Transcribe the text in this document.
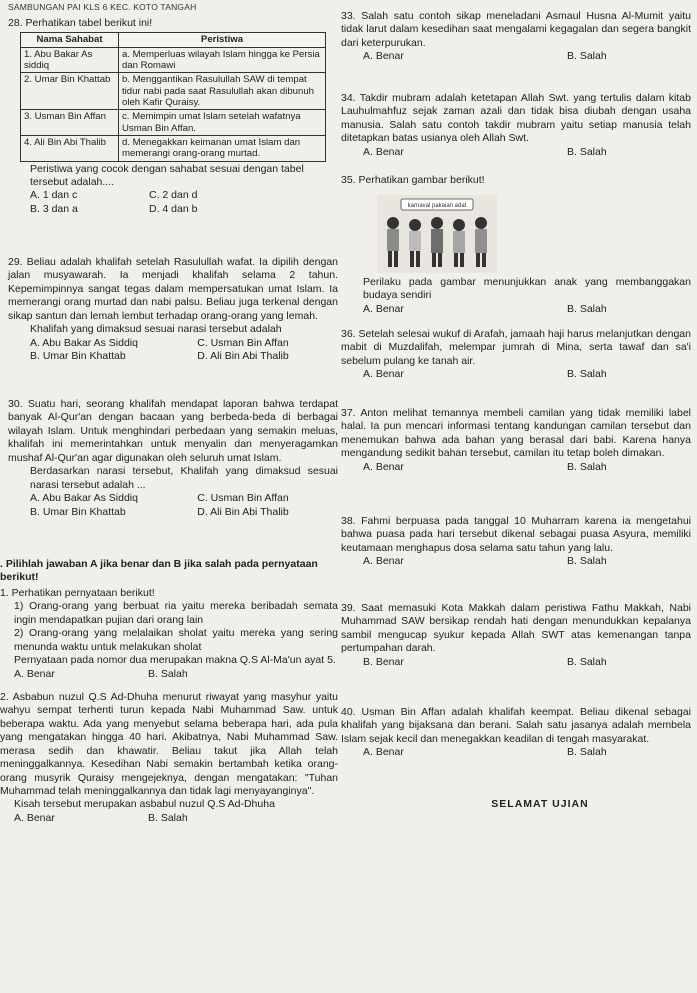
SAMBUNGAN PAI KLS 6 KEC. KOTO TANGAH

28. Perhatikan tabel berikut ini!

Nama Sahabat	Peristiwa
1. Abu Bakar As siddiq	a. Memperluas wilayah Islam hingga ke Persia dan Romawi
2. Umar Bin Khattab	b. Menggantikan Rasulullah SAW di tempat tidur nabi pada saat Rasulullah akan dibunuh oleh Kafir Quraisy.
3. Usman Bin Affan	c. Memimpin umat Islam setelah wafatnya Usman Bin Affan.
4. Ali Bin Abi Thalib	d. Menegakkan keimanan umat Islam dan memerangi orang-orang murtad.

Peristiwa yang cocok dengan sahabat sesuai dengan tabel tersebut adalah....

A. 1 dan c	C. 2 dan d
B. 3 dan a	D. 4 dan b

29. Beliau adalah khalifah setelah Rasulullah wafat. Ia dipilih dengan jalan musyawarah. Ia menjadi khalifah selama 2 tahun. Kepemimpinnya sangat tegas dalam mempersatukan umat Islam. Ia memerangi orang murtad dan nabi palsu. Beliau juga terkenal dengan sikap santun dan lemah lembut terhadap orang-orang yang lemah.

Khalifah yang dimaksud sesuai narasi tersebut adalah

A. Abu Bakar As Siddiq	C. Usman Bin Affan
B. Umar Bin Khattab	D. Ali Bin Abi Thalib

30. Suatu hari, seorang khalifah mendapat laporan bahwa terdapat banyak Al-Qur'an dengan bacaan yang berbeda-beda di berbagai wilayah Islam. Untuk menghindari perbedaan yang semakin meluas, khalifah ini memerintahkan untuk menyalin dan menyeragamkan mushaf Al-Qur'an agar digunakan oleh seluruh umat Islam.

Berdasarkan narasi tersebut, Khalifah yang dimaksud sesuai narasi tersebut adalah ...

A. Abu Bakar As Siddiq	C. Usman Bin Affan
B. Umar Bin Khattab	D. Ali Bin Abi Thalib

. Pilihlah jawaban A jika benar dan B jika salah pada pernyataan berikut!

1. Perhatikan pernyataan berikut!

1) Orang-orang yang berbuat ria yaitu mereka beribadah semata ingin mendapatkan pujian dari orang lain

2) Orang-orang yang melalaikan sholat yaitu mereka yang sering menunda waktu untuk melakukan sholat

Pernyataan pada nomor dua merupakan makna Q.S Al-Ma'un ayat 5.

A. Benar	B. Salah

2. Asbabun nuzul Q.S Ad-Dhuha menurut riwayat yang masyhur yaitu wahyu sempat terhenti turun kepada Nabi Muhammad Saw. untuk beberapa waktu. Ada yang menyebut selama beberapa hari, ada pula yang mengatakan hingga 40 hari. Akibatnya, Nabi Muhammad Saw. merasa sedih dan khawatir. Beliau takut jika Allah telah meninggalkannya. Kesedihan Nabi semakin bertambah ketika orang-orang musyrik Quraisy mengejeknya, dengan mengatakan: "Tuhan Muhammad telah meninggalkannya dan tidak lagi menyayanginya".

Kisah tersebut merupakan asbabul nuzul Q.S Ad-Dhuha

A. Benar	B. Salah

33. Salah satu contoh sikap meneladani Asmaul Husna Al-Mumit yaitu tidak larut dalam kesedihan saat mengalami kegagalan dan segera bangkit dari keterpurukan.

A. Benar	B. Salah

34. Takdir mubram adalah ketetapan Allah Swt. yang tertulis dalam kitab Lauhulmahfuz sejak zaman azali dan tidak bisa diubah dengan usaha manusia. Salah satu contoh takdir mubram yaitu setiap manusia telah ditetapkan batas usianya oleh Allah Swt.

A. Benar	B. Salah

35. Perhatikan gambar berikut!

karnaval pakaian adat

Perilaku pada gambar menunjukkan anak yang membanggakan budaya sendiri

A. Benar	B. Salah

36. Setelah selesai wukuf di Arafah, jamaah haji harus melanjutkan dengan mabit di Muzdalifah, melempar jumrah di Mina, serta tawaf dan sa'i sebelum pulang ke tanah air.

A. Benar	B. Salah

37. Anton melihat temannya membeli camilan yang tidak memiliki label halal. Ia pun mencari informasi tentang kandungan camilan tersebut dan menemukan bahwa ada bahan yang berasal dari babi. Karena hanya mengandung sedikit bahan tersebut, camilan itu tetap boleh dimakan.

A. Benar	B. Salah

38. Fahmi berpuasa pada tanggal 10 Muharram karena ia mengetahui bahwa puasa pada hari tersebut dikenal sebagai puasa Asyura, memiliki keutamaan menghapus dosa selama satu tahun yang lalu.

A. Benar	B. Salah

39. Saat memasuki Kota Makkah dalam peristiwa Fathu Makkah, Nabi Muhammad SAW bersikap rendah hati dengan menundukkan kepalanya sambil mengucap syukur kepada Allah SWT atas kemenangan tanpa pertumpahan darah.

B. Benar	B. Salah

40. Usman Bin Affan adalah khalifah keempat. Beliau dikenal sebagai khalifah yang bijaksana dan berani. Salah satu jasanya adalah membela Islam sejak kecil dan menegakkan keadilan di tengah masyarakat.

A. Benar	B. Salah
SELAMAT UJIAN
